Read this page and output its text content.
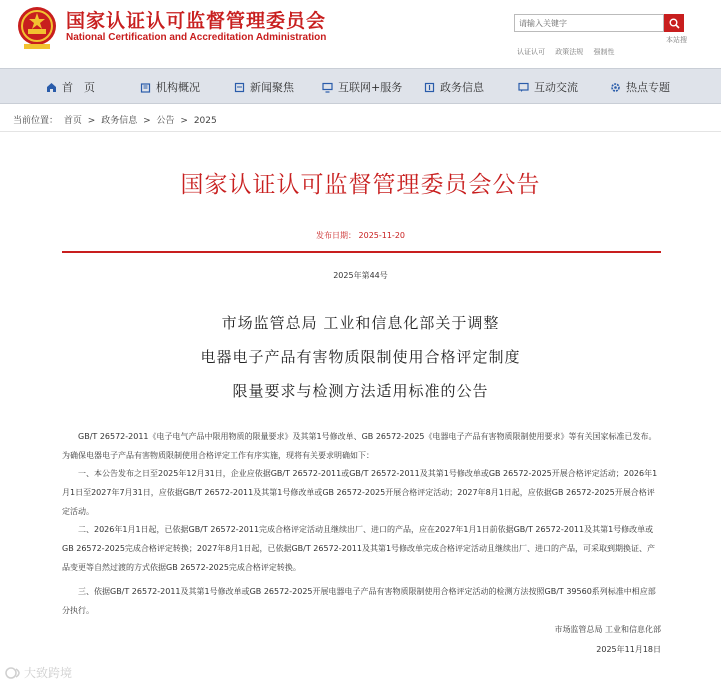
国家认证认可监督管理委员会
National Certification and Accreditation Administration
请输入关键字
本站搜
认证认可 政策法规 强制性
首　页	机构概况	新闻聚焦	互联网+服务	政务信息	互动交流	热点专题
当前位置： 首页 > 政务信息 > 公告 > 2025
国家认证认可监督管理委员会公告
发布日期： 2025-11-20
2025年第44号
市场监管总局 工业和信息化部关于调整
电器电子产品有害物质限制使用合格评定制度
限量要求与检测方法适用标准的公告
GB/T 26572-2011《电子电气产品中限用物质的限量要求》及其第1号修改单、GB 26572-2025《电器电子产品有害物质限制使用要求》等有关国家标准已发布。为确保电器电子产品有害物质限制使用合格评定工作有序实施，现将有关要求明确如下：
一、本公告发布之日至2025年12月31日，企业应依据GB/T 26572-2011或GB/T 26572-2011及其第1号修改单或GB 26572-2025开展合格评定活动；2026年1月1日至2027年7月31日，应依据GB/T 26572-2011及其第1号修改单或GB 26572-2025开展合格评定活动；2027年8月1日起，应依据GB 26572-2025开展合格评定活动。
二、2026年1月1日起，已依据GB/T 26572-2011完成合格评定活动且继续出厂、进口的产品，应在2027年1月1日前依据GB/T 26572-2011及其第1号修改单或GB 26572-2025完成合格评定转换；2027年8月1日起，已依据GB/T 26572-2011及其第1号修改单完成合格评定活动且继续出厂、进口的产品，可采取到期换证、产品变更等自然过渡的方式依据GB 26572-2025完成合格评定转换。
三、依据GB/T 26572-2011及其第1号修改单或GB 26572-2025开展电器电子产品有害物质限制使用合格评定活动的检测方法按照GB/T 39560系列标准中相应部分执行。
市场监管总局 工业和信息化部
2025年11月18日
大致跨境
